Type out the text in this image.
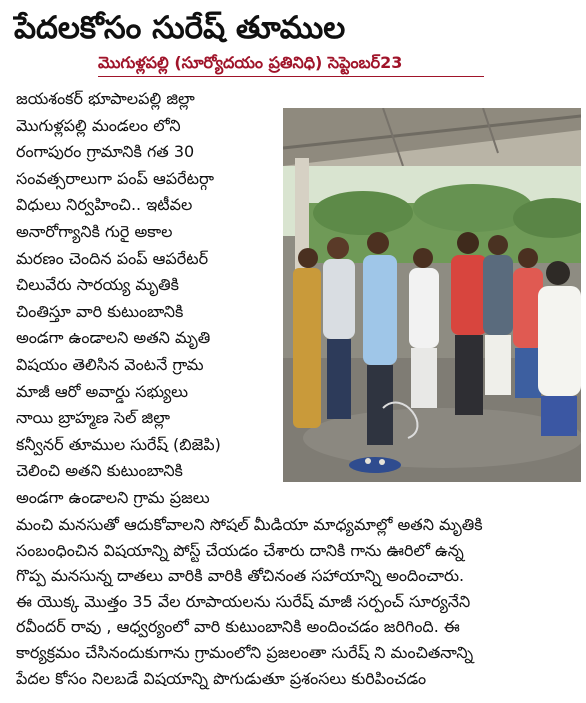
పేదలకోసం సురేష్ తూముల
మొగుళ్లపల్లి (సూర్యోదయం ప్రతినిధి) సెప్టెంబర్23
జయశంకర్ భూపాలపల్లి జిల్లా
మొగుళ్లపల్లి మండలం లోని
రంగాపురం గ్రామానికి గత 30
సంవత్సరాలుగా పంప్ ఆపరేటర్గా
విధులు నిర్వహించి.. ఇటీవల
అనారోగ్యానికి గురై అకాల
మరణం చెందిన పంప్ ఆపరేటర్
చిలువేరు సారయ్య మృతికి
చింతిస్తూ వారి కుటుంబానికి
అండగా ఉండాలని అతని మృతి
విషయం తెలిసిన వెంటనే గ్రామ
మాజీ ఆరో అవార్డు సభ్యులు
నాయి బ్రాహ్మణ సెల్ జిల్లా
కన్వీనర్ తూముల సురేష్ (బిజెపి)
చెలించి అతని కుటుంబానికి
అండగా ఉండాలని గ్రామ ప్రజలు
మంచి మనసుతో ఆదుకోవాలని సోషల్ మీడియా మాధ్యమాల్లో అతని మృతికి
సంబంధించిన విషయాన్ని పోస్ట్ చేయడం చేశారు దానికి గాను ఊరిలో ఉన్న
గొప్ప మనసున్న దాతలు వారికి వారికి తోచినంత సహాయాన్ని అందించారు.
ఈ యొక్క మొత్తం 35 వేల రూపాయలను సురేష్ మాజీ సర్పంచ్ సూర్యనేని
రవీందర్ రావు , ఆధ్వర్యంలో వారి కుటుంబానికి అందించడం జరిగింది. ఈ
కార్యక్రమం చేసినందుకుగాను గ్రామంలోని ప్రజలంతా సురేష్ ని మంచితనాన్ని
పేదల కోసం నిలబడే విషయాన్ని పొగుడుతూ ప్రశంసలు కురిపించడం
